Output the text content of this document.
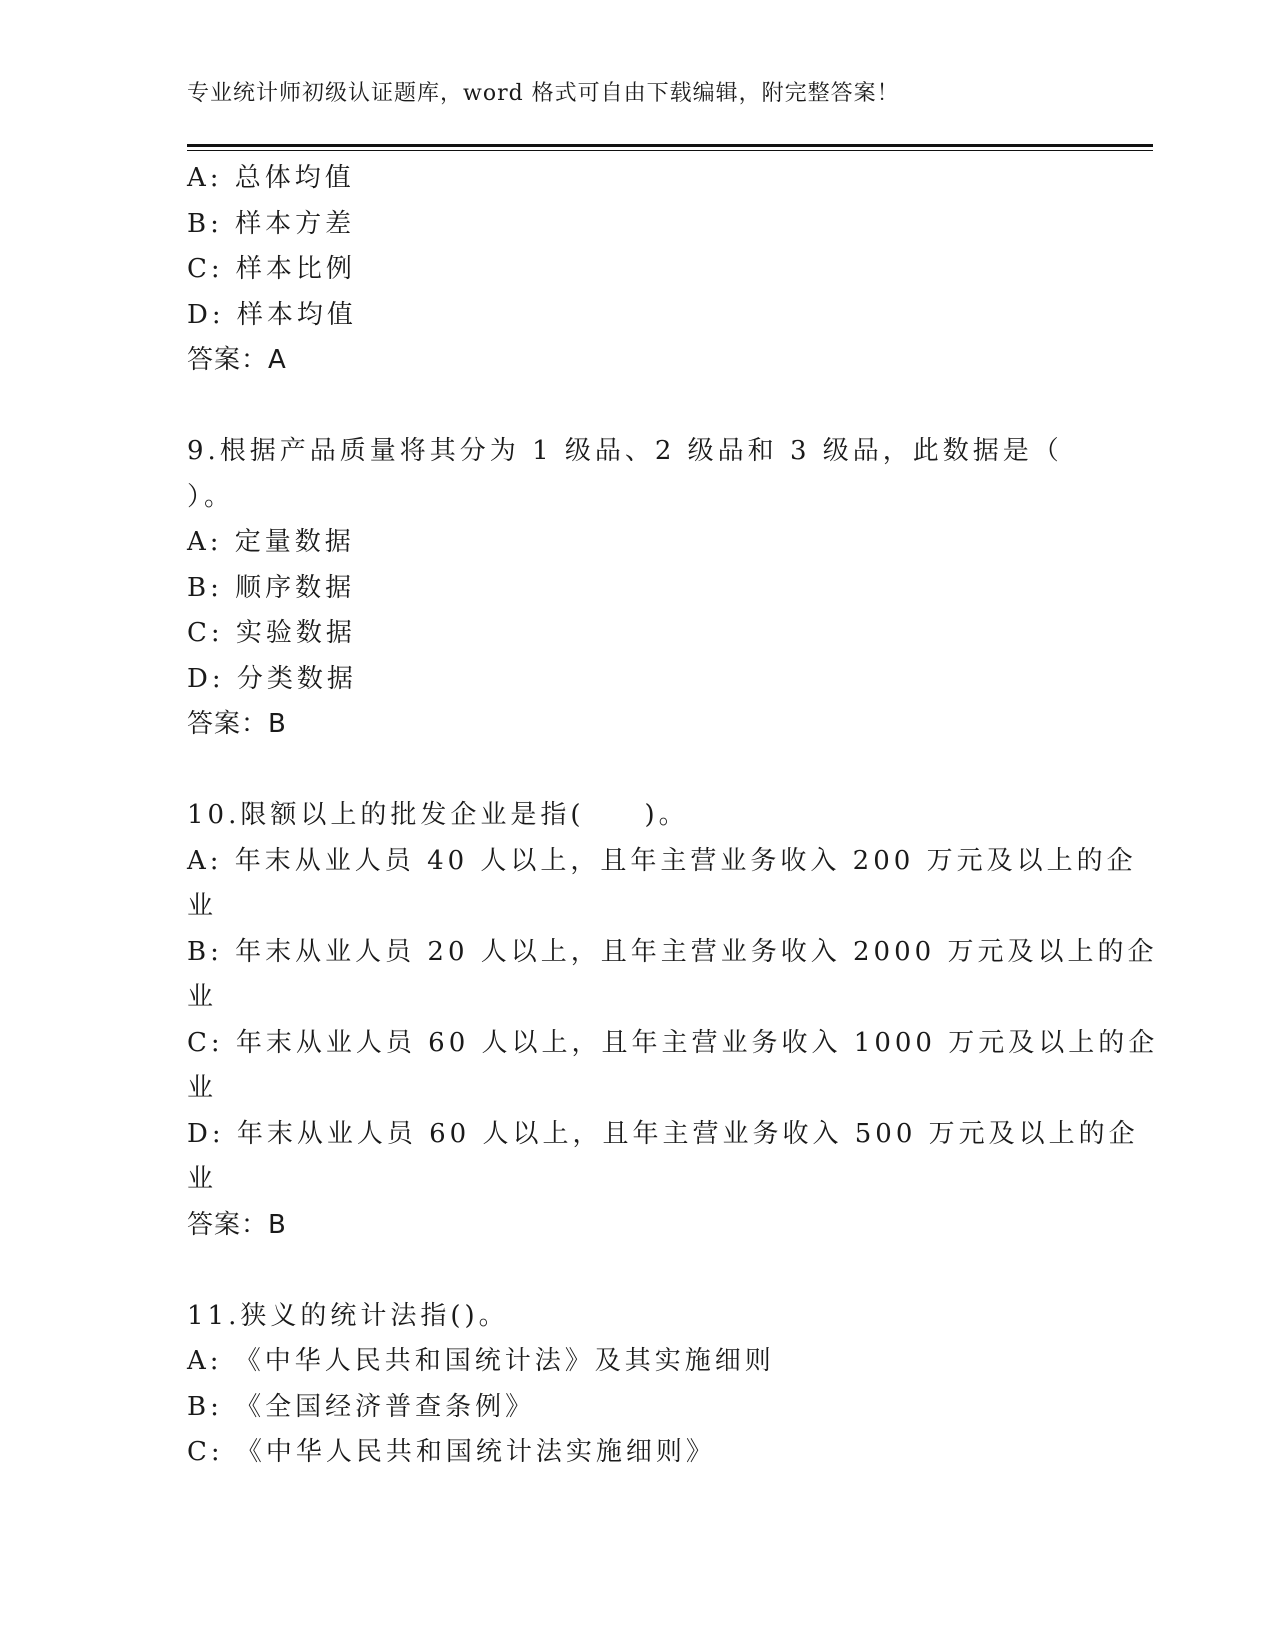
专业统计师初级认证题库，word 格式可自由下载编辑，附完整答案！
A: 总体均值
B: 样本方差
C: 样本比例
D: 样本均值
答案：A
9.根据产品质量将其分为 1 级品、2 级品和 3 级品，此数据是（
）。
A: 定量数据
B: 顺序数据
C: 实验数据
D: 分类数据
答案：B
10.限额以上的批发企业是指(　　)。
A: 年末从业人员 40 人以上，且年主营业务收入 200 万元及以上的企
业
B: 年末从业人员 20 人以上，且年主营业务收入 2000 万元及以上的企
业
C: 年末从业人员 60 人以上，且年主营业务收入 1000 万元及以上的企
业
D: 年末从业人员 60 人以上，且年主营业务收入 500 万元及以上的企
业
答案：B
11.狭义的统计法指()。
A: 《中华人民共和国统计法》及其实施细则
B: 《全国经济普查条例》
C: 《中华人民共和国统计法实施细则》
